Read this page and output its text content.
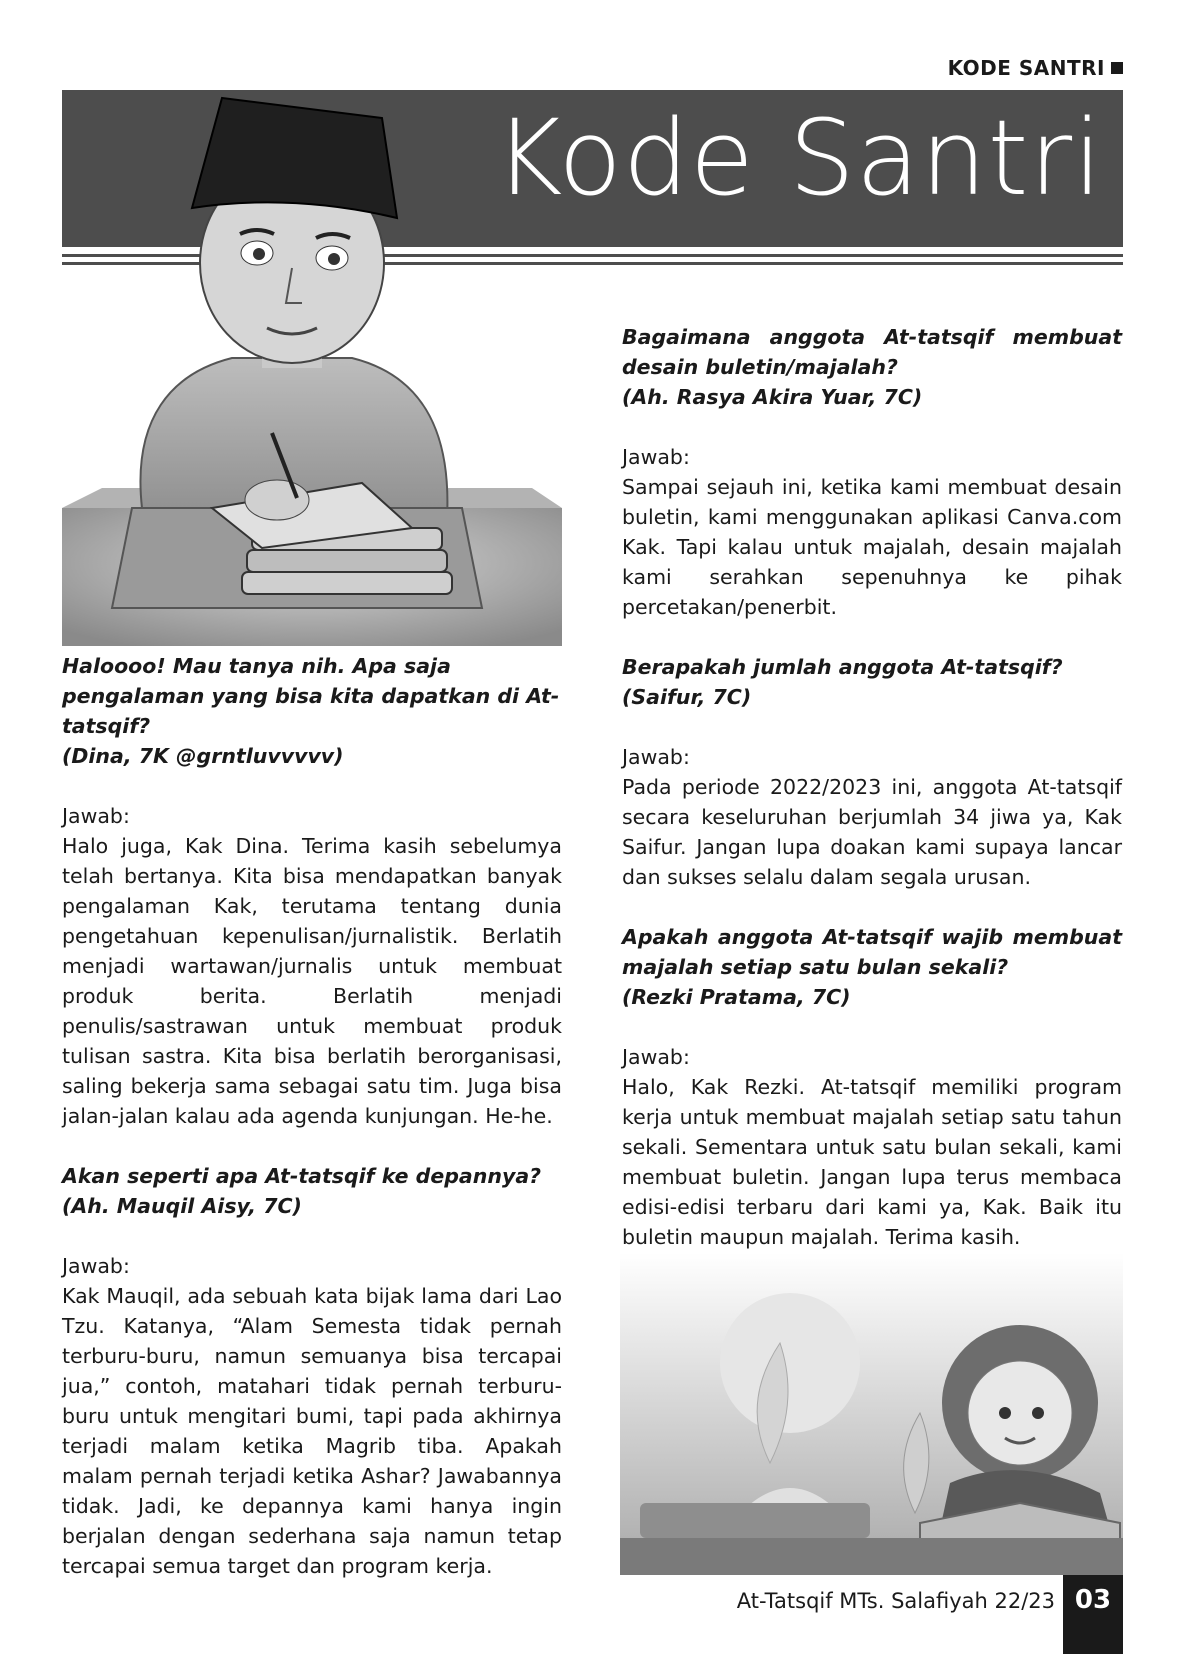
KODE SANTRI
Kode Santri

Haloooo! Mau tanya nih. Apa saja pengalaman yang bisa kita dapatkan di At-tatsqif?

(Dina, 7K @grntluvvvvv)

Jawab:

Halo juga, Kak Dina. Terima kasih sebelumya telah bertanya. Kita bisa mendapatkan banyak pengalaman Kak, terutama tentang dunia pengetahuan kepenulisan/jurnalistik. Berlatih menjadi wartawan/jurnalis untuk membuat produk berita. Berlatih menjadi penulis/sastrawan untuk membuat produk tulisan sastra. Kita bisa berlatih berorganisasi, saling bekerja sama sebagai satu tim. Juga bisa jalan-jalan kalau ada agenda kunjungan. He-he.

Akan seperti apa At-tatsqif ke depannya?

(Ah. Mauqil Aisy, 7C)

Jawab:

Kak Mauqil, ada sebuah kata bijak lama dari Lao Tzu. Katanya, “Alam Semesta tidak pernah terburu-buru, namun semuanya bisa tercapai jua,” contoh, matahari tidak pernah terburu-buru untuk mengitari bumi, tapi pada akhirnya terjadi malam ketika Magrib tiba. Apakah malam pernah terjadi ketika Ashar? Jawabannya tidak. Jadi, ke depannya kami hanya ingin berjalan dengan sederhana saja namun tetap tercapai semua target dan program kerja.

Bagaimana anggota At-tatsqif membuat desain buletin/majalah?

(Ah. Rasya Akira Yuar, 7C)

Jawab:

Sampai sejauh ini, ketika kami membuat desain buletin, kami menggunakan aplikasi Canva.com Kak. Tapi kalau untuk majalah, desain majalah kami serahkan sepenuhnya ke pihak percetakan/penerbit.

Berapakah jumlah anggota At-tatsqif?

(Saifur, 7C)

Jawab:

Pada periode 2022/2023 ini, anggota At-tatsqif secara keseluruhan berjumlah 34 jiwa ya, Kak Saifur. Jangan lupa doakan kami supaya lancar dan sukses selalu dalam segala urusan.

Apakah anggota At-tatsqif wajib membuat majalah setiap satu bulan sekali?

(Rezki Pratama, 7C)

Jawab:

Halo, Kak Rezki. At-tatsqif memiliki program kerja untuk membuat majalah setiap satu tahun sekali. Sementara untuk satu bulan sekali, kami membuat buletin. Jangan lupa terus membaca edisi-edisi terbaru dari kami ya, Kak. Baik itu buletin maupun majalah. Terima kasih.

At-Tatsqif MTs. Salafiyah 22/23 03
